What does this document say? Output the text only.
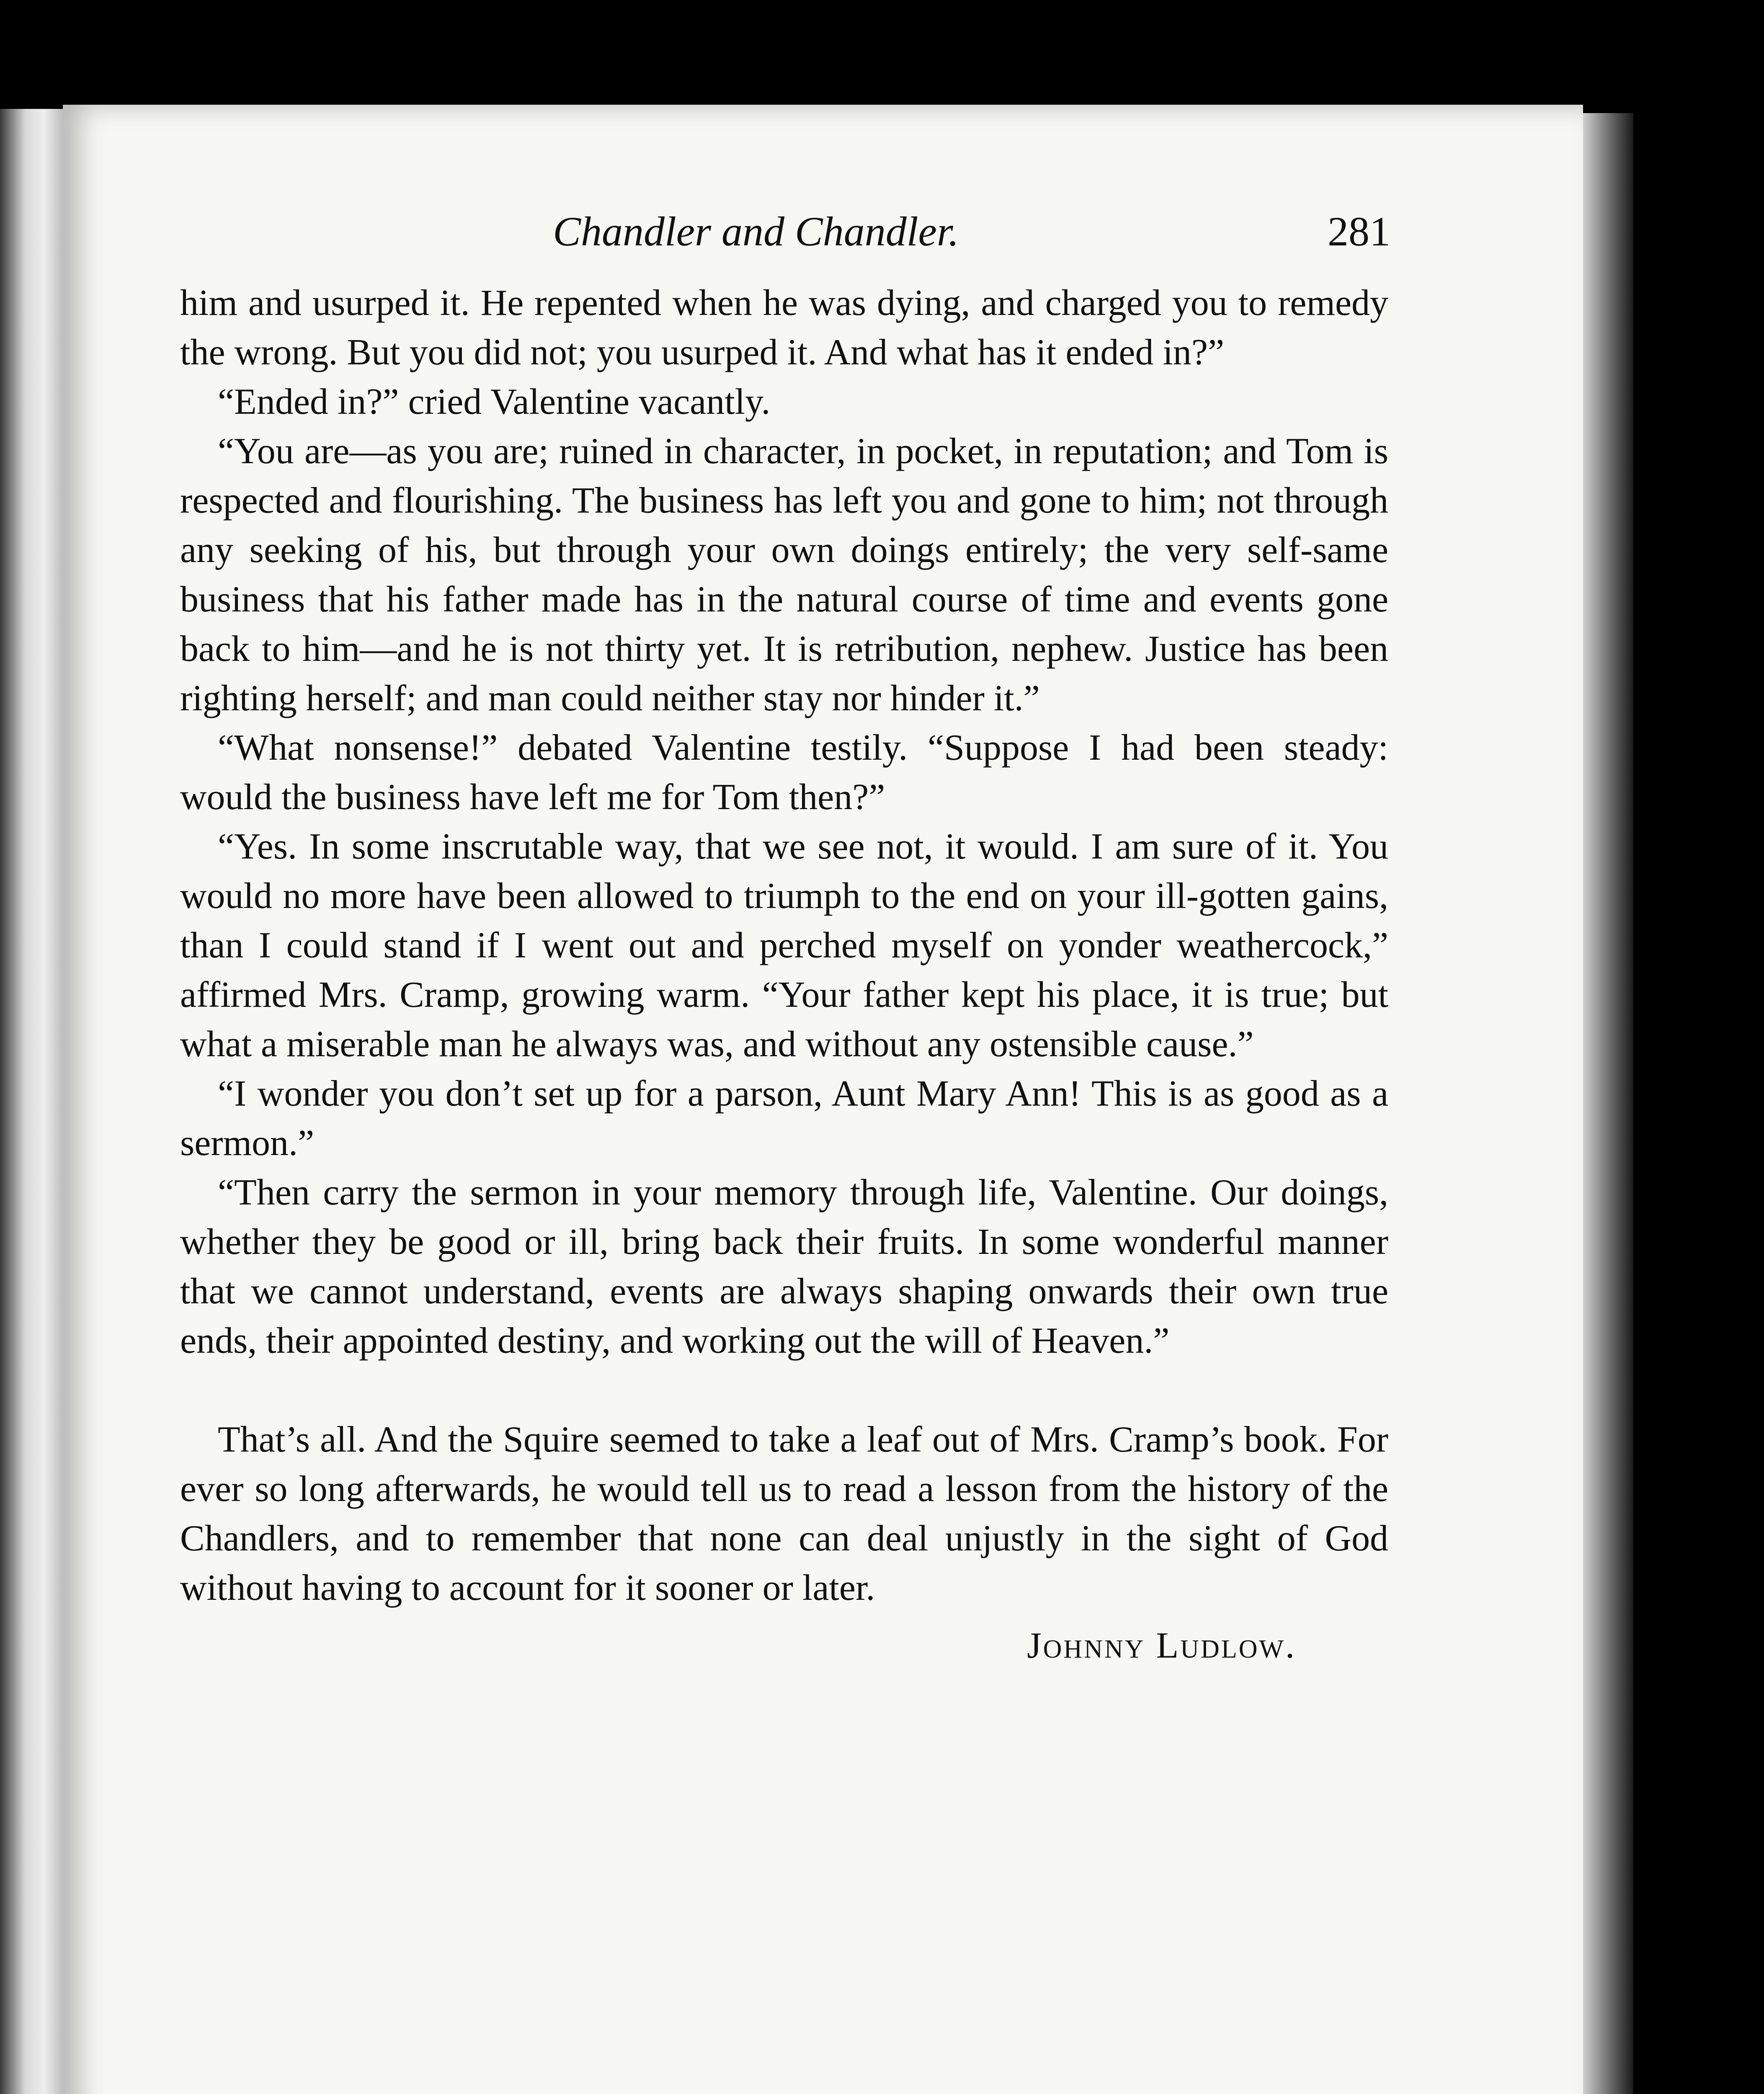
Chandler and Chandler.	281

him and usurped it. He repented when he was dying, and charged you to remedy the wrong. But you did not; you usurped it. And what has it ended in?”

“Ended in?” cried Valentine vacantly.

“You are—as you are; ruined in character, in pocket, in reputation; and Tom is respected and flourishing. The business has left you and gone to him; not through any seeking of his, but through your own doings entirely; the very self-same business that his father made has in the natural course of time and events gone back to him—and he is not thirty yet. It is retribution, nephew. Justice has been righting herself; and man could neither stay nor hinder it.”

“What nonsense!” debated Valentine testily. “Suppose I had been steady: would the business have left me for Tom then?”

“Yes. In some inscrutable way, that we see not, it would. I am sure of it. You would no more have been allowed to triumph to the end on your ill-gotten gains, than I could stand if I went out and perched myself on yonder weathercock,” affirmed Mrs. Cramp, growing warm. “Your father kept his place, it is true; but what a miserable man he always was, and without any ostensible cause.”

“I wonder you don’t set up for a parson, Aunt Mary Ann! This is as good as a sermon.”

“Then carry the sermon in your memory through life, Valentine. Our doings, whether they be good or ill, bring back their fruits. In some wonderful manner that we cannot understand, events are always shaping onwards their own true ends, their appointed destiny, and working out the will of Heaven.”

That’s all. And the Squire seemed to take a leaf out of Mrs. Cramp’s book. For ever so long afterwards, he would tell us to read a lesson from the history of the Chandlers, and to remember that none can deal unjustly in the sight of God without having to account for it sooner or later.

Johnny Ludlow.
